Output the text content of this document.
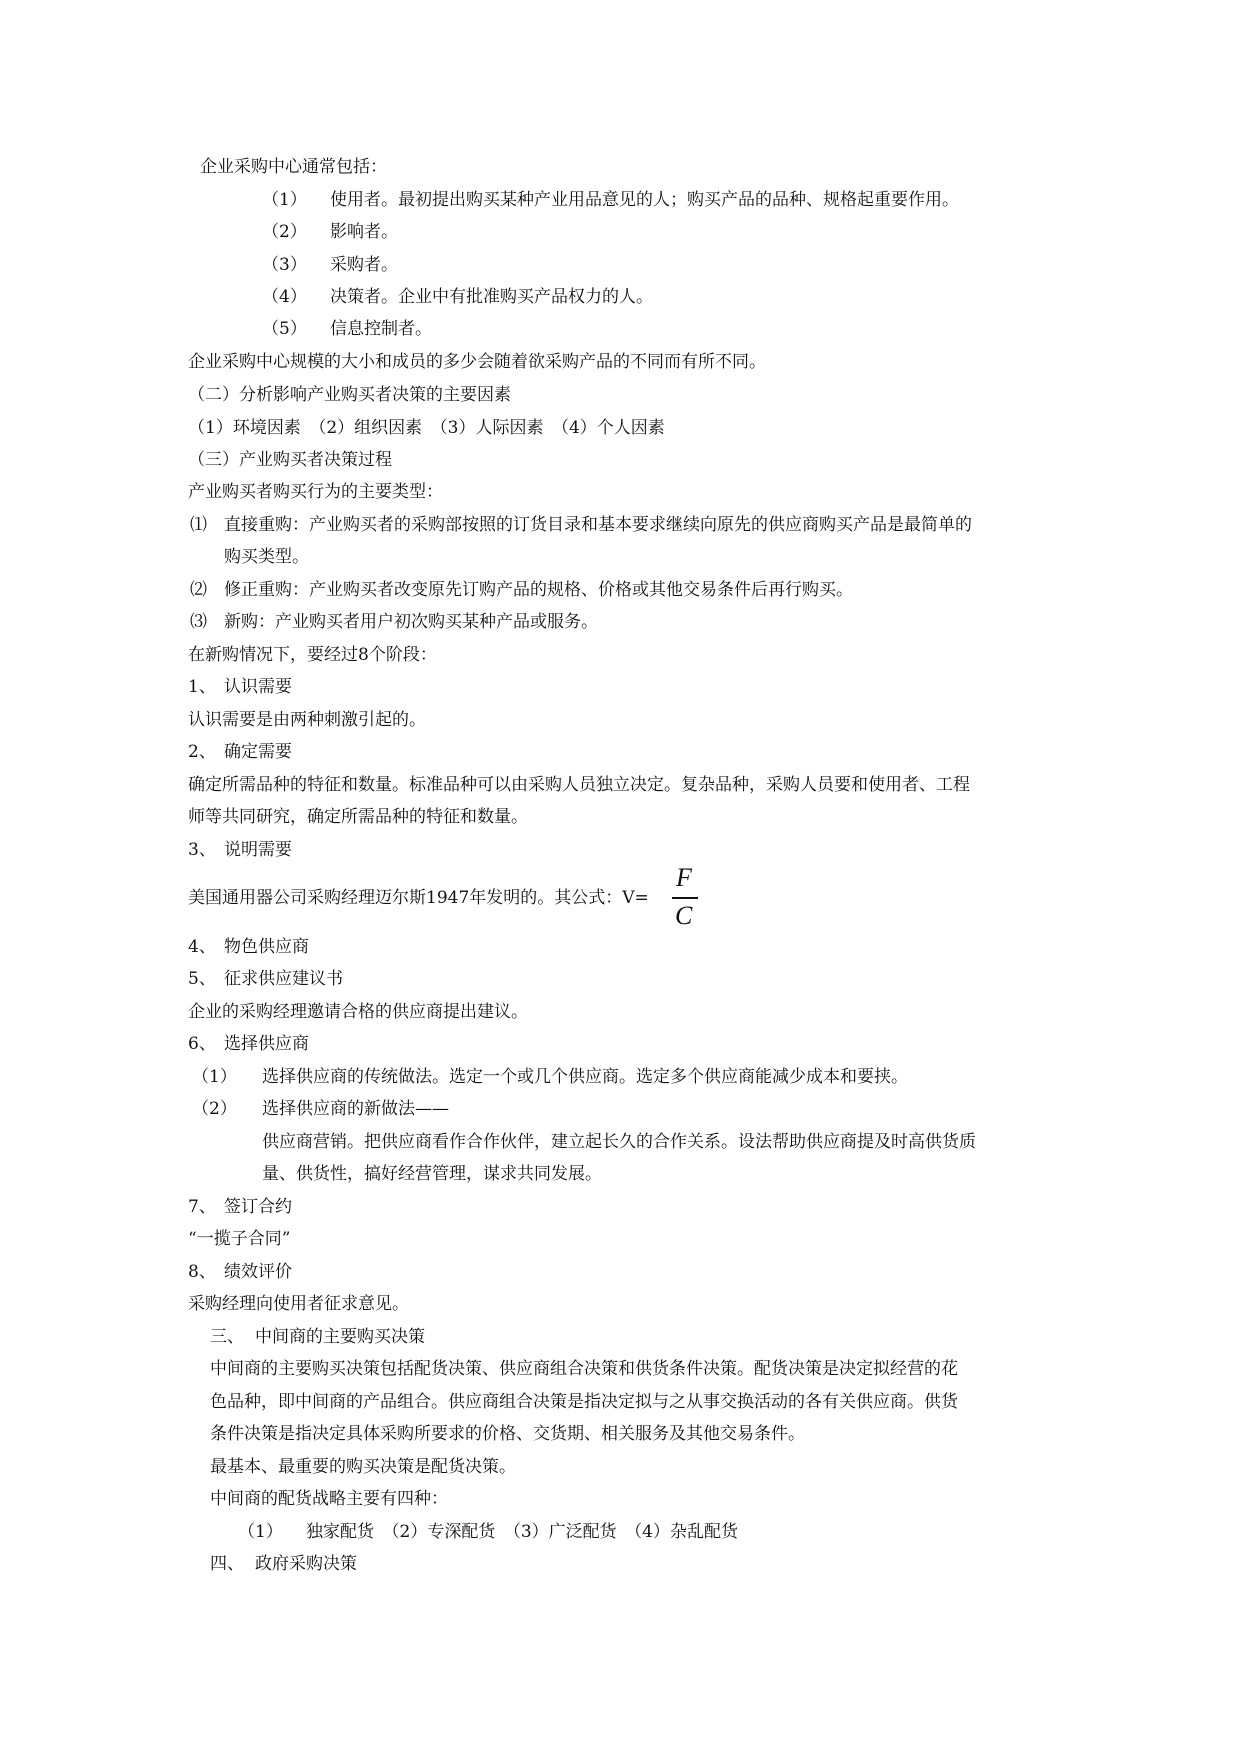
企业采购中心通常包括：
（1） 使用者。最初提出购买某种产业用品意见的人；购买产品的品种、规格起重要作用。
（2） 影响者。
（3） 采购者。
（4） 决策者。企业中有批准购买产品权力的人。
（5） 信息控制者。
企业采购中心规模的大小和成员的多少会随着欲采购产品的不同而有所不同。
（二）分析影响产业购买者决策的主要因素
（1）环境因素　（2）组织因素　（3）人际因素　（4）个人因素
（三）产业购买者决策过程
产业购买者购买行为的主要类型：
⑴ 直接重购：产业购买者的采购部按照的订货目录和基本要求继续向原先的供应商购买产品是最简单的
购买类型。
⑵ 修正重购：产业购买者改变原先订购产品的规格、价格或其他交易条件后再行购买。
⑶ 新购：产业购买者用户初次购买某种产品或服务。
在新购情况下，要经过8个阶段：
1、 认识需要
认识需要是由两种刺激引起的。
2、 确定需要
确定所需品种的特征和数量。标准品种可以由采购人员独立决定。复杂品种，采购人员要和使用者、工程
师等共同研究，确定所需品种的特征和数量。
3、 说明需要
美国通用器公司采购经理迈尔斯1947年发明的。其公式：V=
F
C
4、 物色供应商
5、 征求供应建议书
企业的采购经理邀请合格的供应商提出建议。
6、 选择供应商
（1） 选择供应商的传统做法。选定一个或几个供应商。选定多个供应商能减少成本和要挟。
（2） 选择供应商的新做法——
供应商营销。把供应商看作合作伙伴，建立起长久的合作关系。设法帮助供应商提及时高供货质
量、供货性，搞好经营管理，谋求共同发展。
7、 签订合约
“一揽子合同”
8、 绩效评价
采购经理向使用者征求意见。
三、 中间商的主要购买决策
中间商的主要购买决策包括配货决策、供应商组合决策和供货条件决策。配货决策是决定拟经营的花
色品种，即中间商的产品组合。供应商组合决策是指决定拟与之从事交换活动的各有关供应商。供货
条件决策是指决定具体采购所要求的价格、交货期、相关服务及其他交易条件。
最基本、最重要的购买决策是配货决策。
中间商的配货战略主要有四种：
（1） 独家配货　（2）专深配货　（3）广泛配货　（4）杂乱配货
四、 政府采购决策
